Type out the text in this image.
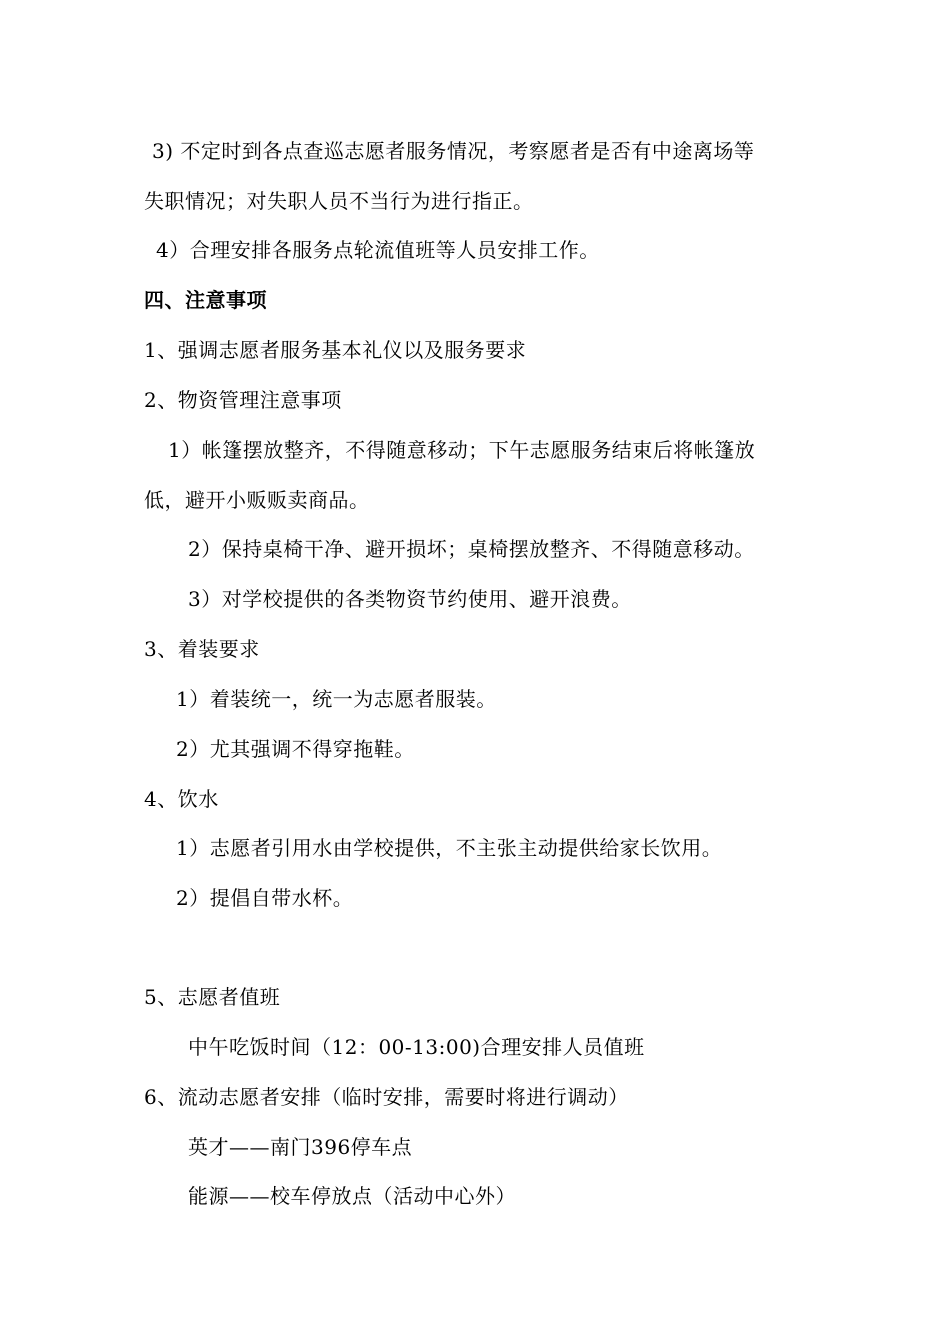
3) 不定时到各点查巡志愿者服务情况，考察愿者是否有中途离场等
失职情况；对失职人员不当行为进行指正。
4）合理安排各服务点轮流值班等人员安排工作。
四、注意事项
1、强调志愿者服务基本礼仪以及服务要求
2、物资管理注意事项
1）帐篷摆放整齐，不得随意移动；下午志愿服务结束后将帐篷放
低，避开小贩贩卖商品。
2）保持桌椅干净、避开损坏；桌椅摆放整齐、不得随意移动。
3）对学校提供的各类物资节约使用、避开浪费。
3、着装要求
1）着装统一，统一为志愿者服装。
2）尤其强调不得穿拖鞋。
4、饮水
1）志愿者引用水由学校提供，不主张主动提供给家长饮用。
2）提倡自带水杯。
5、志愿者值班
中午吃饭时间（12：00-13:00)合理安排人员值班
6、流动志愿者安排（临时安排，需要时将进行调动）
英才——南门396停车点
能源——校车停放点（活动中心外）
